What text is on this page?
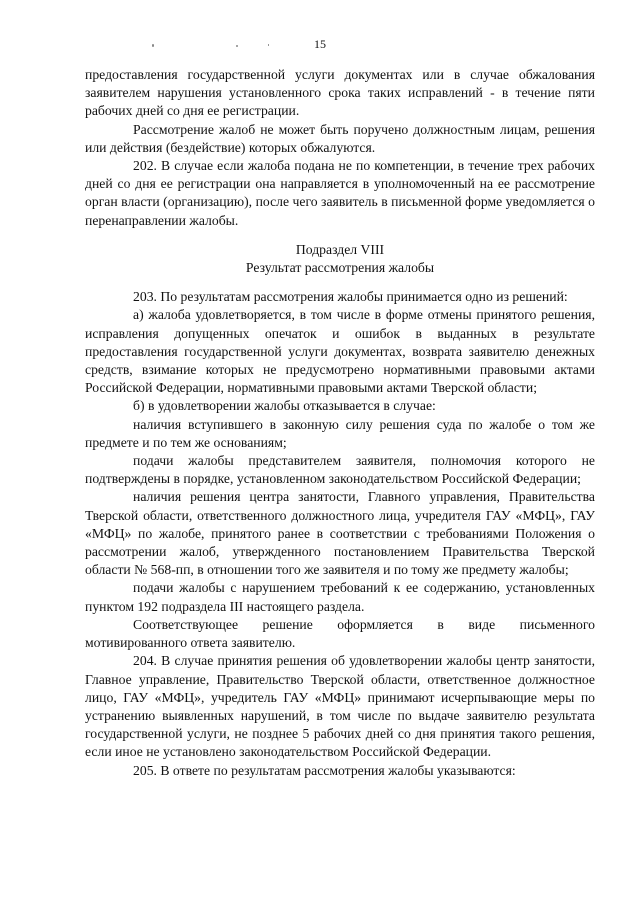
15

предоставления государственной услуги документах или в случае обжалования заявителем нарушения установленного срока таких исправлений - в течение пяти рабочих дней со дня ее регистрации.

Рассмотрение жалоб не может быть поручено должностным лицам, решения или действия (бездействие) которых обжалуются.

202. В случае если жалоба подана не по компетенции, в течение трех рабочих дней со дня ее регистрации она направляется в уполномоченный на ее рассмотрение орган власти (организацию), после чего заявитель в письменной форме уведомляется о перенаправлении жалобы.

Подраздел VIII

Результат рассмотрения жалобы

203. По результатам рассмотрения жалобы принимается одно из решений:

а) жалоба удовлетворяется, в том числе в форме отмены принятого решения, исправления допущенных опечаток и ошибок в выданных в результате предоставления государственной услуги документах, возврата заявителю денежных средств, взимание которых не предусмотрено нормативными правовыми актами Российской Федерации, нормативными правовыми актами Тверской области;

б) в удовлетворении жалобы отказывается в случае:

наличия вступившего в законную силу решения суда по жалобе о том же предмете и по тем же основаниям;

подачи жалобы представителем заявителя, полномочия которого не подтверждены в порядке, установленном законодательством Российской Федерации;

наличия решения центра занятости, Главного управления, Правительства Тверской области, ответственного должностного лица, учредителя ГАУ «МФЦ», ГАУ «МФЦ» по жалобе, принятого ранее в соответствии с требованиями Положения о рассмотрении жалоб, утвержденного постановлением Правительства Тверской области № 568-пп, в отношении того же заявителя и по тому же предмету жалобы;

подачи жалобы с нарушением требований к ее содержанию, установленных пунктом 192 подраздела III настоящего раздела.

Соответствующее решение оформляется в виде письменного мотивированного ответа заявителю.

204. В случае принятия решения об удовлетворении жалобы центр занятости, Главное управление, Правительство Тверской области, ответственное должностное лицо, ГАУ «МФЦ», учредитель ГАУ «МФЦ» принимают исчерпывающие меры по устранению выявленных нарушений, в том числе по выдаче заявителю результата государственной услуги, не позднее 5 рабочих дней со дня принятия такого решения, если иное не установлено законодательством Российской Федерации.

205. В ответе по результатам рассмотрения жалобы указываются:
